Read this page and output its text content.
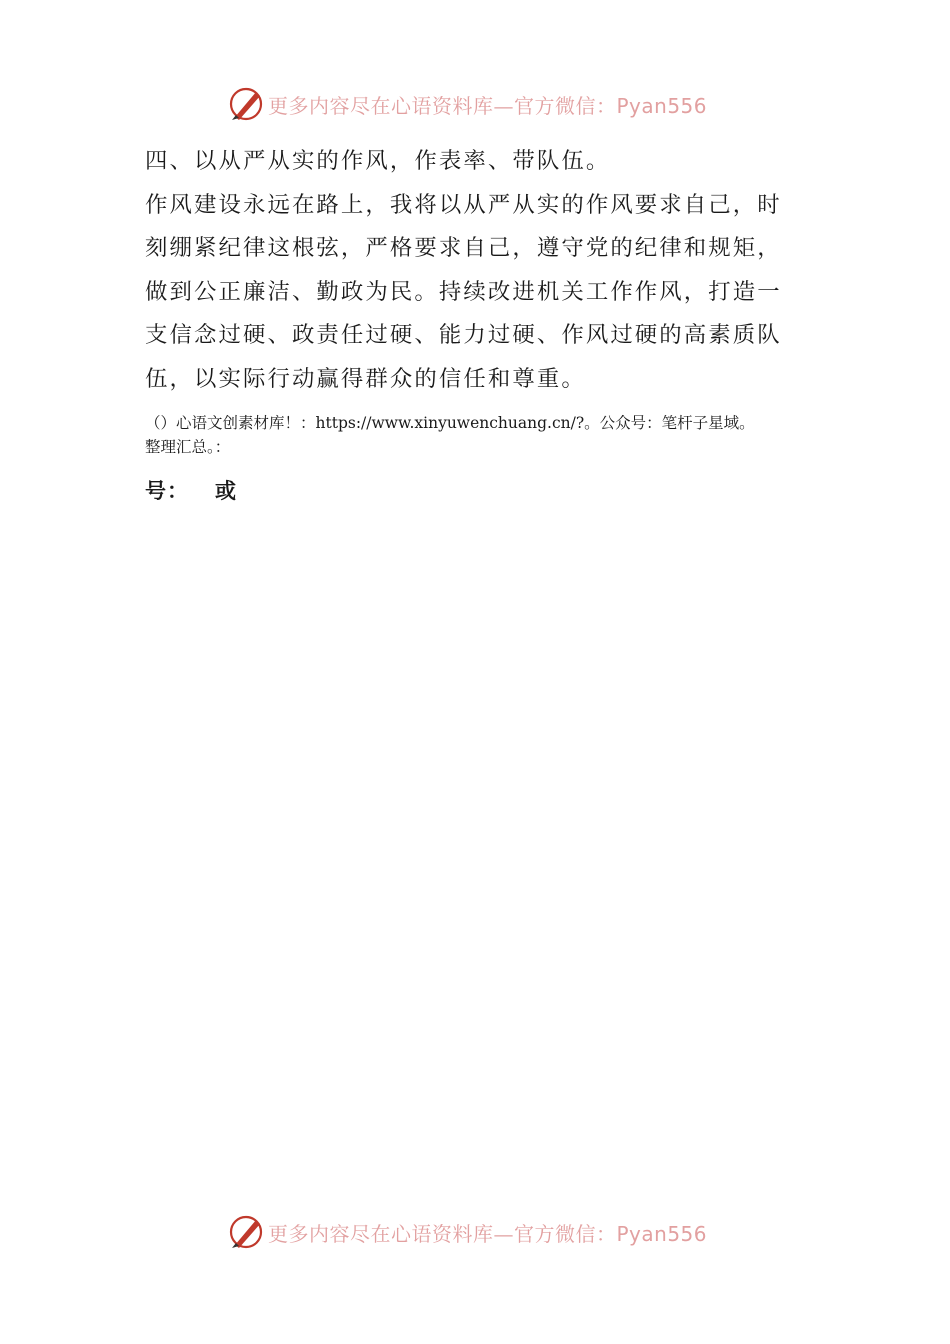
更多内容尽在心语资料库—官方微信：Pyan556
四、以从严从实的作风，作表率、带队伍。
作风建设永远在路上，我将以从严从实的作风要求自己，时
刻绷紧纪律这根弦，严格要求自己，遵守党的纪律和规矩，
做到公正廉洁、勤政为民。持续改进机关工作作风，打造一
支信念过硬、政责任过硬、能力过硬、作风过硬的高素质队
伍，以实际行动赢得群众的信任和尊重。
（）心语文创素材库！：https://www.xinyuwenchuang.cn/?。公众号：笔杆子星域。
整理汇总。：
号： 或
更多内容尽在心语资料库—官方微信：Pyan556
